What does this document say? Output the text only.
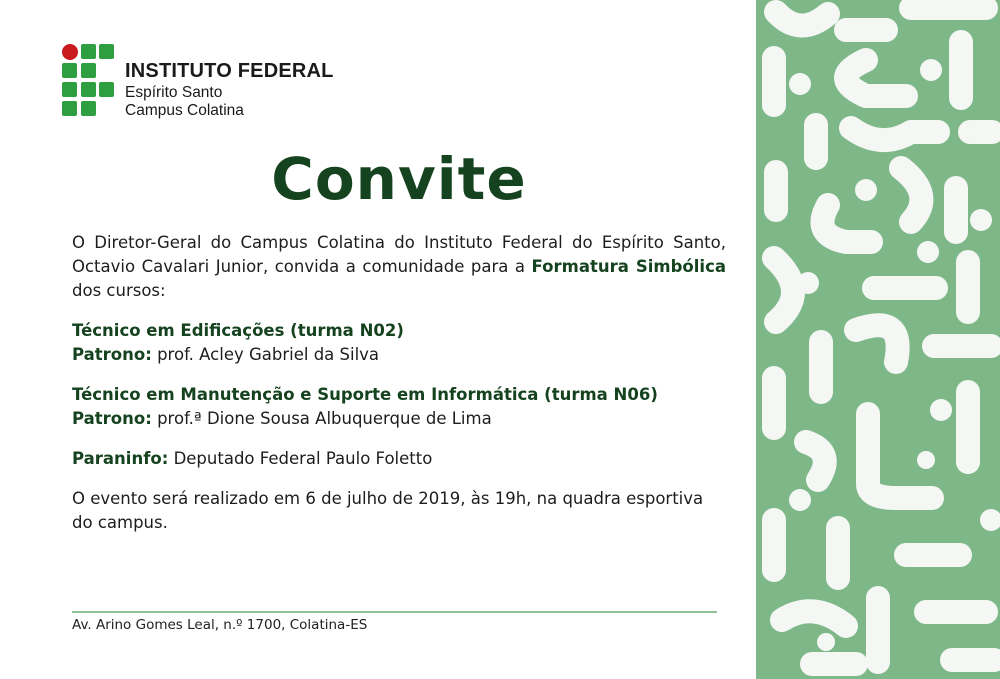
INSTITUTO FEDERAL
Espírito Santo
Campus Colatina
Convite

O Diretor-Geral do Campus Colatina do Instituto Federal do Espírito Santo, Octavio Cavalari Junior, convida a comunidade para a Formatura Simbólica dos cursos:

Técnico em Edificações (turma N02)
Patrono: prof. Acley Gabriel da Silva

Técnico em Manutenção e Suporte em Informática (turma N06)
Patrono: prof.ª Dione Sousa Albuquerque de Lima

Paraninfo: Deputado Federal Paulo Foletto

O evento será realizado em 6 de julho de 2019, às 19h, na quadra esportiva do campus.

Av. Arino Gomes Leal, n.º 1700, Colatina-ES
